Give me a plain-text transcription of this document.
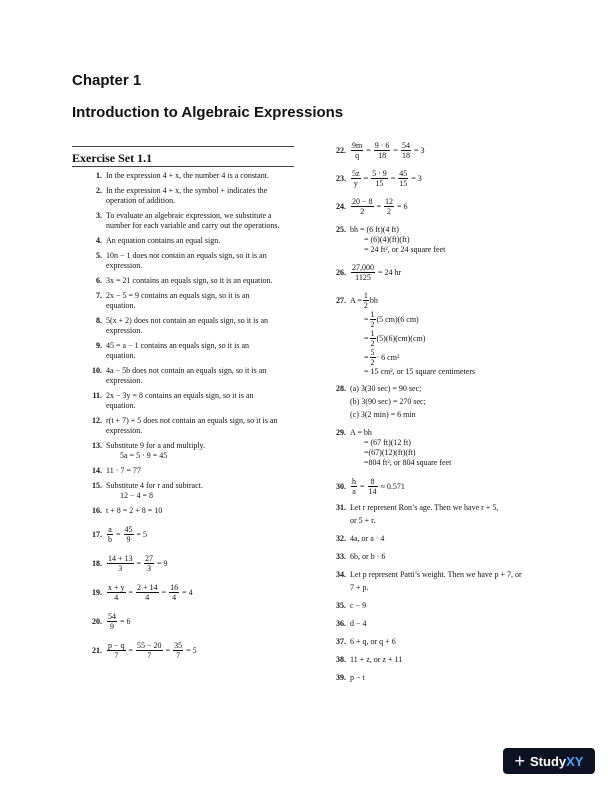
Chapter 1
Introduction to Algebraic Expressions
Exercise Set 1.1
1. In the expression 4 + x, the number 4 is a constant.
2. In the expression 4 + x, the symbol + indicates the
operation of addition.
3. To evaluate an algebraic expression, we substitute a
number for each variable and carry out the operations.
4. An equation contains an equal sign.
5. 10n − 1 does not contain an equals sign, so it is an
expression.
6. 3x = 21 contains an equals sign, so it is an equation.
7. 2x − 5 = 9 contains an equals sign, so it is an
equation.
8. 5(x + 2) does not contain an equals sign, so it is an
expression.
9. 45 = a − 1 contains an equals sign, so it is an
equation.
10. 4a − 5b does not contain an equals sign, so it is an
expression.
11. 2x − 3y = 8 contains an equals sign, so it is an
equation.
12. r(t + 7) + 5 does not contain an equals sign, so it is an
expression.
13. Substitute 9 for a and multiply.
5a = 5 · 9 = 45
14. 11 · 7 = 77
15. Substitute 4 for r and subtract.
12 − 4 = 8
16. t + 8 = 2 + 8 = 10
17. $\frac{a}{b} = \frac{45}{9} = 5$
18. $\frac{14 + 13}{3} = \frac{27}{3} = 9$
19. $\frac{x + y}{4} = \frac{2 + 14}{4} = \frac{16}{4} = 4$
20. $\frac{54}{9} = 6$
21. $\frac{p - q}{7} = \frac{55 - 20}{7} = \frac{35}{7} = 5$
22. $\frac{9m}{q} = \frac{9 \cdot 6}{18} = \frac{54}{18} = 3$
23. $\frac{5z}{y} = \frac{5 \cdot 9}{15} = \frac{45}{15} = 3$
24. $\frac{20 - 8}{2} = \frac{12}{2} = 6$
25. bh = (6 ft)(4 ft)
= (6)(4)(ft)(ft)
= 24 ft², or 24 square feet
26. $\frac{27,000}{1125} = 24$ hr
27. $A = \frac{1}{2}$ bh
= $\frac{1}{2} (5$ cm)(6 cm)
= $\frac{1}{2} (5)(6)(cm)(cm)$
= $\frac{5}{2} \cdot 6$ cm²
= 15 cm², or 15 square centimeters
28. (a) 3(30 sec) = 90 sec;
(b) 3(90 sec) = 270 sec;
(c) 3(2 min) = 6 min
29. A = bh
= (67 ft)(12 ft)
=(67)(12)(ft)(ft)
=804 ft², or 804 square feet
30. $\frac{h}{a} = \frac{8}{14} \approx 0.571$
31. Let r represent Ron’s age. Then we have r + 5,
or 5 + r.
32. 4a, or a · 4
33. 6b, or b · 6
34. Let p represent Patti’s weight. Then we have p + 7, or
7 + p.
35. c − 9
36. d − 4
37. 6 + q, or q + 6
38. 11 + z, or z + 11
39. p − t
+ StudyXY
